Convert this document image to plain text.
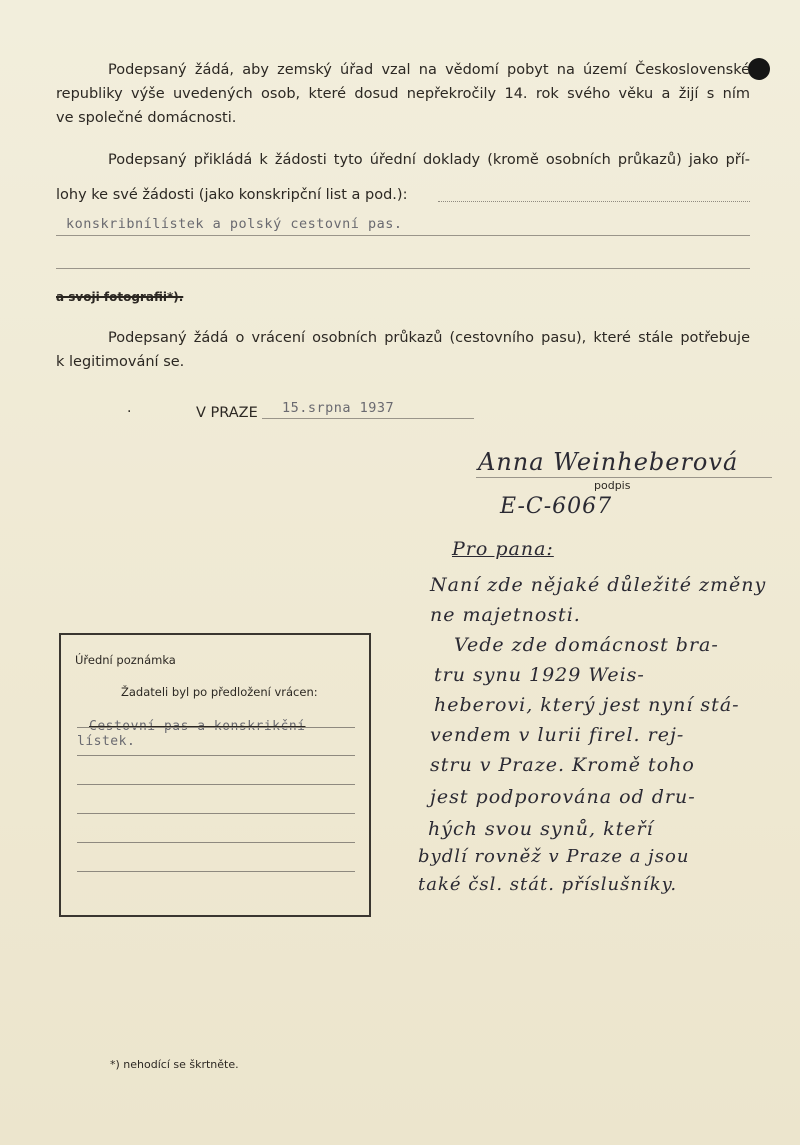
Podepsaný žádá, aby zemský úřad vzal na vědomí pobyt na území Československé
republiky výše uvedených osob, které dosud nepřekročily 14. rok svého věku a žijí s ním
ve společné domácnosti.
Podepsaný přikládá k žádosti tyto úřední doklady (kromě osobních průkazů) jako pří-
lohy ke své žádosti (jako konskripční list a pod.):
konskribnílístek a polský cestovní pas.
a svoji fotografii*).
Podepsaný žádá o vrácení osobních průkazů (cestovního pasu), které stále potřebuje
k legitimování se.
V PRAZE 15.srpna 1937
.
Anna Weinheberová
podpis
E-C-6067
Pro pana:
Naní zde nějaké důležité změny
ne majetnosti.
Vede zde domácnost bra-
tru synu 1929 Weis-
heberovi, který jest nyní stá-
vendem v lurii firel. rej-
stru v Praze. Kromě toho
jest podporována od dru-
hých svou synů, kteří
bydlí rovněž v Praze a jsou
také čsl. stát. příslušníky.
Úřední poznámka
Žadateli byl po předložení vrácen:
Cestovní pas a konskrikční
lístek.
*) nehodící se škrtněte.
